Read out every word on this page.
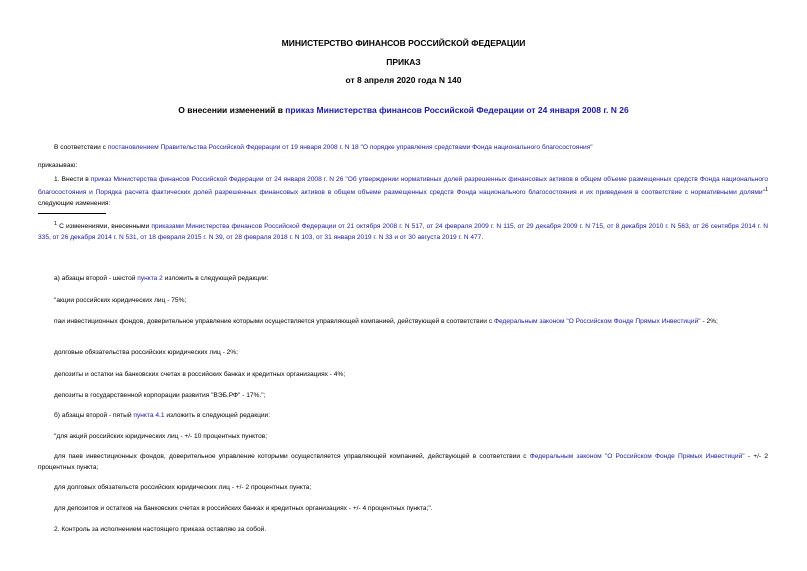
МИНИСТЕРСТВО ФИНАНСОВ РОССИЙСКОЙ ФЕДЕРАЦИИ
ПРИКАЗ
от 8 апреля 2020 года N 140
О внесении изменений в приказ Министерства финансов Российской Федерации от 24 января 2008 г. N 26
В соответствии с постановлением Правительства Российской Федерации от 19 января 2008 г. N 18 "О порядке управления средствами Фонда национального благосостояния"
приказываю:
1. Внести в приказ Министерства финансов Российской Федерации от 24 января 2008 г. N 26 "Об утверждении нормативных долей разрешенных финансовых активов в общем объеме размещенных средств Фонда национального благосостояния и Порядка расчета фактических долей разрешенных финансовых активов в общем объеме размещенных средств Фонда национального благосостояния и их приведения в соответствие с нормативными долями"$^1$ следующие изменения:
$^1$ С изменениями, внесенными приказами Министерства финансов Российской Федерации от 21 октября 2008 г. N 517, от 24 февраля 2009 г. N 115, от 29 декабря 2009 г. N 715, от 8 декабря 2010 г. N 563, от 26 сентября 2014 г. N 335, от 26 декабря 2014 г. N 531, от 18 февраля 2015 г. N 39, от 28 февраля 2018 г. N 103, от 31 января 2019 г. N 33 и от 30 августа 2019 г. N 477.
а) абзацы второй - шестой пункта 2 изложить в следующей редакции:
"акции российских юридических лиц - 75%;
паи инвестиционных фондов, доверительное управление которыми осуществляется управляющей компанией, действующей в соответствии с Федеральным законом "О Российском Фонде Прямых Инвестиций" - 2%;
долговые обязательства российских юридических лиц - 2%;
депозиты и остатки на банковских счетах в российских банках и кредитных организациях - 4%;
депозиты в государственной корпорации развития "ВЭБ.РФ" - 17%.";
б) абзацы второй - пятый пункта 4.1 изложить в следующей редакции:
"для акций российских юридических лиц - +/- 10 процентных пунктов;
для паев инвестиционных фондов, доверительное управление которыми осуществляется управляющей компанией, действующей в соответствии с Федеральным законом "О Российском Фонде Прямых Инвестиций" - +/- 2 процентных пункта;
для долговых обязательств российских юридических лиц - +/- 2 процентных пункта;
для депозитов и остатков на банковских счетах в российских банках и кредитных организациях - +/- 4 процентных пункта;".
2. Контроль за исполнением настоящего приказа оставляю за собой.
